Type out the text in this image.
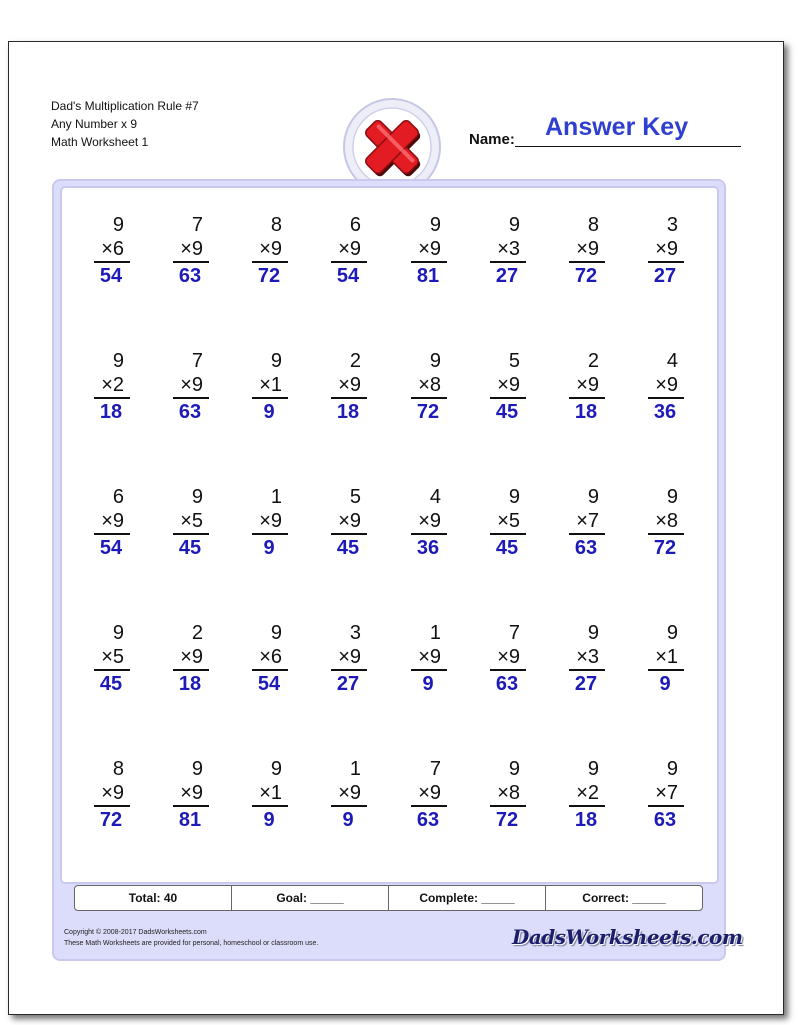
Dad's Multiplication Rule #7
Any Number x 9
Math Worksheet 1	Name: Answer Key
9
×6
54
7
×9
63
8
×9
72
6
×9
54
9
×9
81
9
×3
27
8
×9
72
3
×9
27
9
×2
18
7
×9
63
9
×1
9
2
×9
18
9
×8
72
5
×9
45
2
×9
18
4
×9
36
6
×9
54
9
×5
45
1
×9
9
5
×9
45
4
×9
36
9
×5
45
9
×7
63
9
×8
72
9
×5
45
2
×9
18
9
×6
54
3
×9
27
1
×9
9
7
×9
63
9
×3
27
9
×1
9
8
×9
72
9
×9
81
9
×1
9
1
×9
9
7
×9
63
9
×8
72
9
×2
18
9
×7
63
Total: 40	Goal: _____	Complete: _____	Correct: _____
Copyright © 2008-2017 DadsWorksheets.com
These Math Worksheets are provided for personal, homeschool or classroom use.	DadsWorksheets.com
